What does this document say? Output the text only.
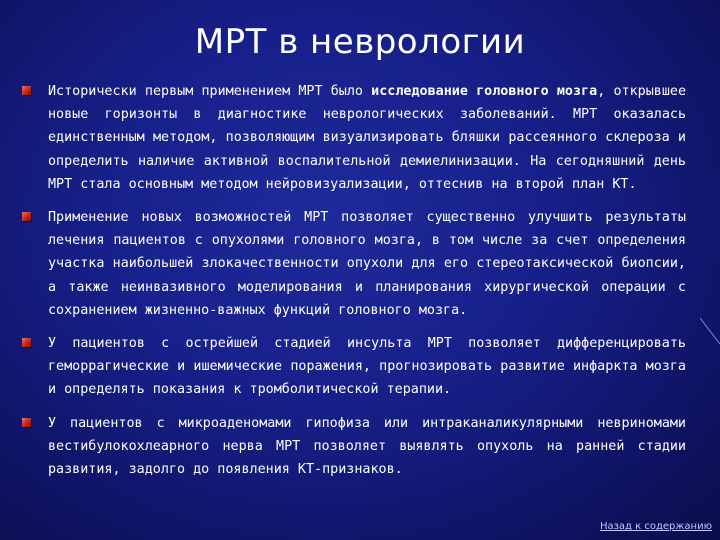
МРТ в неврологии
Исторически первым применением МРТ было исследование головного мозга, открывшее новые горизонты в диагностике неврологических заболеваний. МРТ оказалась единственным методом, позволяющим визуализировать бляшки рассеянного склероза и определить наличие активной воспалительной демиелинизации. На сегодняшний день МРТ стала основным методом нейровизуализации, оттеснив на второй план КТ.
Применение новых возможностей МРТ позволяет существенно улучшить результаты лечения пациентов с опухолями головного мозга, в том числе за счет определения участка наибольшей злокачественности опухоли для его стереотаксической биопсии, а также неинвазивного моделирования и планирования хирургической операции с сохранением жизненно-важных функций головного мозга.
У пациентов с острейшей стадией инсульта МРТ позволяет дифференцировать геморрагические и ишемические поражения, прогнозировать развитие инфаркта мозга и определять показания к тромболитической терапии.
У пациентов с микроаденомами гипофиза или интраканаликулярными невриномами вестибулокохлеарного нерва МРТ позволяет выявлять опухоль на ранней стадии развития, задолго до появления КТ-признаков.
Назад к содержанию
